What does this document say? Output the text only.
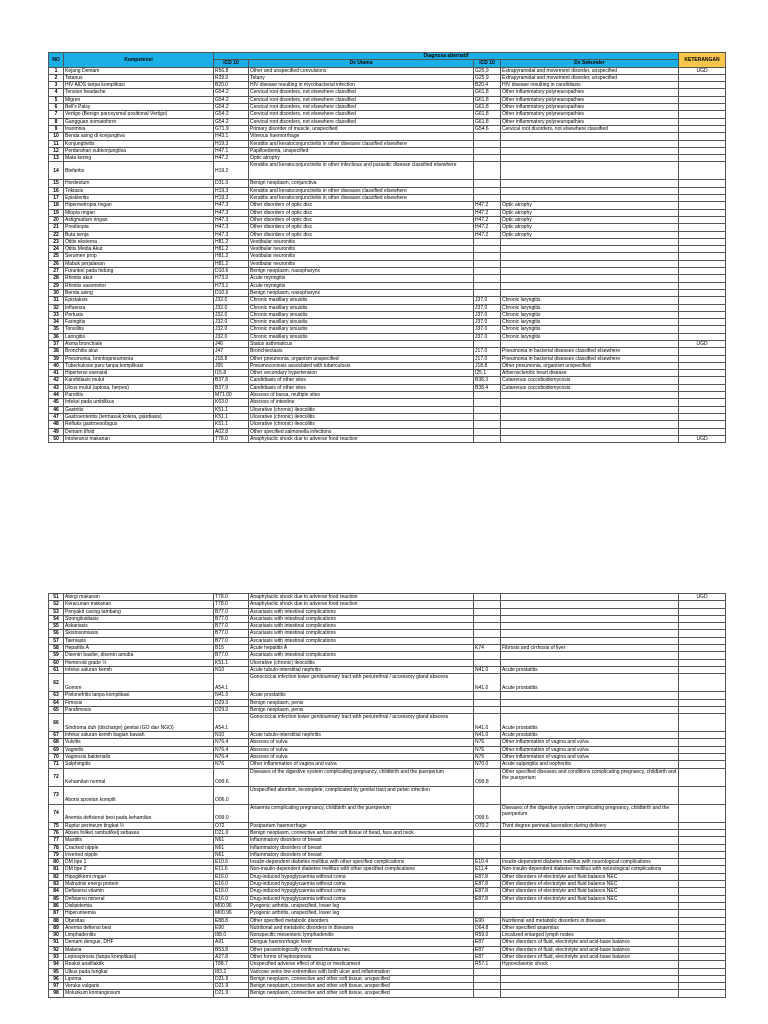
NO	Kompetensi	Diagnosa alternatif				KETERANGAN
		ICD 10	Dx Utama	ICD 10	Dx Sekunder	
1	Kejang Demam	R56.8	Other and unspecified convulsions	G25.9	Extrapyramidal and movement disorder, unspecified	UGD
2	Tetanus	R29.0	Tetany	G25.9	Extrapyramidal and movement disorder, unspecified	
3	HIV AIDS tanpa komplikasi	B20.0	HIV disease resulting in mycobacterial infection	B20.4	HIV disease resulting in candidiasis	
4	Tension headache	G54.2	Cervical root disorders, not elsewhere classified	G61.8	Other inflammatory polyneuropathies	
5	Migren	G54.2	Cervical root disorders, not elsewhere classified	G61.8	Other inflammatory polyneuropathies	
6	Bell's Palsy	G54.2	Cervical root disorders, not elsewhere classified	G61.8	Other inflammatory polyneuropathies	
7	Vertigo (Benign paroxysmal positional Vertigo)	G54.2	Cervical root disorders, not elsewhere classified	G61.8	Other inflammatory polyneuropathies	
8	Gangguan somatoform	G54.2	Cervical root disorders, not elsewhere classified	G61.8	Other inflammatory polyneuropathies	
9	Insomnia	G71.9	Primary disorder of muscle, unspecified	G54.6	Cervical root disorders, not elsewhere classified	
10	Benda asing di konjungtiva	H43.1	Vitreous haemorrhage			
11	Konjungtivitis	H19.3	Keratitis and keratoconjunctivitis in other diseases classified elsewhere			
12	Perdarahan subkonjungtiva	H47.1	Papilloedema, unspecified			
13	Mata kering	H47.2	Optic atrophy			
14	Blefaritis	H19.2	Keratitis and keratoconjunctivitis in other infectious and parasitic disease classified elsewhere			
15	Hordeolum	D31.0	Benign neoplasm, conjunctiva			
16	Trikiasis	H19.3	Keratitis and keratoconjunctivitis in other diseases classified elsewhere			
17	Episkleritis	H19.3	Keratitis and keratoconjunctivitis in other diseases classified elsewhere			
18	Hipermetropia ringan	H47.3	Other disorders of optic disc	H47.2	Optic atrophy	
19	Miopia ringan	H47.3	Other disorders of optic disc	H47.2	Optic atrophy	
20	Astigmatism ringan	H47.3	Other disorders of optic disc	H47.2	Optic atrophy	
21	Presbiopia	H47.3	Other disorders of optic disc	H47.2	Optic atrophy	
22	Buta senja	H47.3	Other disorders of optic disc	H47.2	Optic atrophy	
23	Otitis eksterna	H81.2	Vestibular neuronitis			
24	Otitis Media Akut	H81.2	Vestibular neuronitis			
25	Serumen prop	H81.2	Vestibular neuronitis			
26	Mabuk perjalanan	H81.2	Vestibular neuronitis			
27	Furunkel pada hidung	D10.6	Benign neoplasm, nasopharynx			
28	Rhinitis akut	H73.0	Acute myringitis			
29	Rhinitis vasomotor	H73.1	Acute myringitis			
30	Benda asing	D10.6	Benign neoplasm, nasopharynx			
31	Epistaksis	J32.0	Chronic maxillary sinusitis	J37.0	Chronic laryngitis	
32	Influenza	J32.0	Chronic maxillary sinusitis	J37.0	Chronic laryngitis	
33	Pertusis	J32.0	Chronic maxillary sinusitis	J37.0	Chronic laryngitis	
34	Faringitis	J32.0	Chronic maxillary sinusitis	J37.0	Chronic laryngitis	
35	Tonsilitis	J32.0	Chronic maxillary sinusitis	J37.0	Chronic laryngitis	
36	Laringitis	J32.0	Chronic maxillary sinusitis	J37.0	Chronic laryngitis	
37	Asma bronchiale	J46	Status asthmaticus			UGD
38	Bronchitis akut	J47	Bronchiectasis	J17.0	Pneumonia in bacterial diseases classified elsewhere	
39	Pneumonia, bronkopneumonia	J18.8	Other pneumonia, organism unspecified	J17.0	Pneumonia in bacterial diseases classified elsewhere	
40	Tuberkulosis paru tanpa komplikasi	J65	Pneumoconiosis associated with tuberculosis	J18.8	Other pneumonia, organism unspecified	
41	Hipertensi esensial	I15.8	Other secondary hypertension	I25.1	Atherosclerotic heart disease	
42	Kandidiasis mulut	B37.8	Candidiasis of other sites	B38.3	Cutaneous coccidioidomycosis	
43	Ulcus mulut (aptosa, herpes)	B37.9	Candidiasis of other sites	B38.4	Cutaneous coccidioidomycosis	
44	Parotitis	M71.00	Abscess of bursa, multiple sites			
45	Infeksi pada umbilikus	K63.0	Abscess of intestine			
46	Gastritis	K51.1	Ulcerative (chronic) ileocolitis			
47	Gastroenteritis (termasuk kolera, giardiasis)	K51.1	Ulcerative (chronic) ileocolitis			
48	Refluks gastroesofagus	K51.1	Ulcerative (chronic) ileocolitis			
49	Demam tifoid	A02.8	Other specified salmonella infections			
50	Intoleransi makanan	T78.0	Anaphylactic shock due to adverse food reaction			UGD
51	Alergi makanan	T78.0	Anaphylactic shock due to adverse food reaction			UGD
52	Keracunan makanan	T78.0	Anaphylactic shock due to adverse food reaction			
53	Penyakit cacing tambang	B77.0	Ascariasis with intestinal complications			
54	Strongiloidiasis	B77.0	Ascariasis with intestinal complications			
55	Askariasis	B77.0	Ascariasis with intestinal complications			
56	Skistosomiasis	B77.0	Ascariasis with intestinal complications			
57	Taeniasis	B77.0	Ascariasis with intestinal complications			
58	Hepatitis A	B15	Acute hepatitis A	K74	Fibrosis and cirrhosis of liver	
59	Disentri basiler, disentri amuba	B77.0	Ascariasis with intestinal complications			
60	Hemoroid grade ½	K51.1	Ulcerative (chronic) ileocolitis			
61	Infeksi saluran kemih	N10	Acute tubulo-interstitial nephritis	N41.0	Acute prostatitis	
62	Gonore	A54.1	Gonococcal infection lower genitourinary tract with periurethral / accessory gland abscess	N41.0	Acute prostatitis	
63	Pielonefritis tanpa komplikasi	N41.0	Acute prostatitis			
64	Fimosis	D29.0	Benign neoplasm, penis			
65	Parafimosis	D29.0	Benign neoplasm, penis			
66	Sindroma duh (discharge) genital (GO dan NGO)	A54.1	Gonococcal infection lower genitourinary tract with periurethral / accessory gland abscess	N41.0	Acute prostatitis	
67	Infeksi saluran kemih bagian bawah	N10	Acute tubulo-interstitial nephritis	N41.0	Acute prostatitis	
68	Vulvitis	N76.4	Abscess of vulva	N76	Other inflammation of vagina and vulva	
69	Vaginitis	N76.4	Abscess of vulva	N76	Other inflammation of vagina and vulva	
70	Vaginosis bakterialis	N76.4	Abscess of vulva	N76	Other inflammation of vagina and vulva	
71	Salphingitis	N76	Other inflammation of vagina and vulva	N70.0	Acute salpingitis and oophoritis	
72	Kehamilan normal	O99.6	Diseases of the digestive system complicating pregnancy, childbirth and the puerperium	O99.8	Other specified diseases and conditions complicating pregnancy, childbirth and the puerperium	
73	Aborsi spontan komplit	O06.0	Unspecified abortion, incomplete, complicated by genital tract and pelvic infection			
74	Anemia defisiensi besi pada kehamilan	O99.0	Anaemia complicating pregnancy, childbirth and the puerperium	O99.6	Diseases of the digestive system complicating pregnancy, childbirth and the puerperium	
75	Ruptur perineum tingkat ½	O72	Postpartum haemorrhage	O70.2	Third degree perineal laceration during delivery	
76	Abses folikel rambut/kelj sebasea	D21.0	Benign neoplasm, connective and other soft tissue of head, face and neck			
77	Mastitis	N61	Inflammatory disorders of breast			
78	Cracked nipple	N61	Inflammatory disorders of breast			
79	Inverted nipple	N61	Inflammatory disorders of breast			
80	DM tipe 1	E10.6	Insulin-dependent diabetes mellitus with other specified complications	E10.4	Insulin-dependent diabetes mellitus with neurological complications	
81	DM tipe 2	E11.6	Non-insulin-dependent diabetes mellitus with other specified complications	E11.4	Non-insulin-dependent diabetes mellitus with neurological complications	
82	Hipoglikemi ringan	E16.0	Drug-induced hypoglycaemia without coma	E87.8	Other disorders of electrolyte and fluid balance NEC	
83	Malnutrisi energi protein	E16.0	Drug-induced hypoglycaemia without coma	E87.8	Other disorders of electrolyte and fluid balance NEC	
84	Defisiensi vitamin	E16.0	Drug-induced hypoglycaemia without coma	E87.8	Other disorders of electrolyte and fluid balance NEC	
85	Defisiensi mineral	E16.0	Drug-induced hypoglycaemia without coma	E87.8	Other disorders of electrolyte and fluid balance NEC	
86	Dislipidemia	M00.96	Pyogenic arthritis, unspecified, lower leg			
87	Hiperurisemia	M00.96	Pyogenic arthritis, unspecified, lower leg			
88	Obesitas	E88.8	Other specified metabolic disorders	E90	Nutritional and metabolic disorders in diseases	
89	Anemia defiensi besi	E90	Nutritional and metabolic disorders in diseases	D64.8	Other specified anaemias	
90	Limphadenitis	I88.0	Nonspecific mesenteric lymphadenitis	R59.0	Localized enlarged lymph nodes	
91	Demam dengue, DHF	A91	Dengue haemorrhagic fever	E87	Other disorders of fluid, electrolyte and acid-base balance	
92	Malaria	B53.8	Other parasitologically confirmed malaria nec	E87	Other disorders of fluid, electrolyte and acid-base balance	
93	Leptospirosis (tanpa komplikasi)	A27.8	Other forms of leptospirosis	E87	Other disorders of fluid, electrolyte and acid-base balance	
94	Reaksi anafilaktik	T88.7	Unspecified adverse effect of drug or medicament	R57.1	Hypovolaemic shock	
95	Ulkus pada tungkai	I83.2	Varicose veins low extremities with both ulcer and inflammation			
96	Lipoma	D21.9	Benign neoplasm, connective and other soft tissue, unspecified			
97	Veruka vulgaris	D21.9	Benign neoplasm, connective and other soft tissue, unspecified			
98	Moluskum kontangiosum	D21.9	Benign neoplasm, connective and other soft tissue, unspecified			
